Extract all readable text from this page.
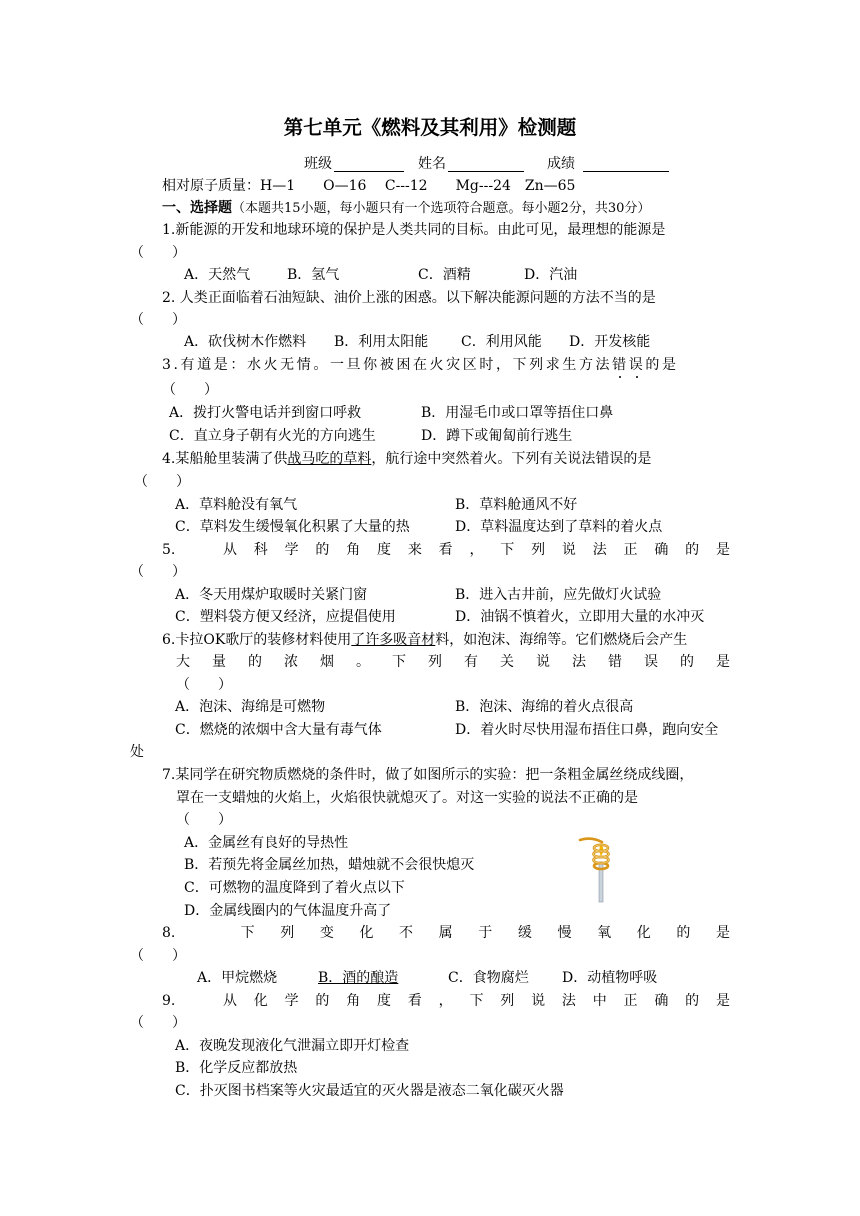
第七单元《燃料及其利用》检测题
班级	姓名	成绩
相对原子质量：H—1　　O—16　 C---12　　Mg---24　Zn—65
一、选择题（本题共15小题，每小题只有一个选项符合题意。每小题2分，共30分）
1.新能源的开发和地球环境的保护是人类共同的目标。由此可见，最理想的能源是
（　　）
A．天然气	B．氢气	C．酒精	D．汽油
2. 人类正面临着石油短缺、油价上涨的困惑。以下解决能源问题的方法不当的是
（　　）
A．砍伐树木作燃料 B．利用太阳能 C．利用风能 D．开发核能
3.有道是：水火无情。一旦你被困在火灾区时，下列求生方法错误的是
（　　）
A．拨打火警电话并到窗口呼救	B．用湿毛巾或口罩等捂住口鼻
C．直立身子朝有火光的方向逃生	D．蹲下或匍匐前行逃生
4.某船舱里装满了供战马吃的草料，航行途中突然着火。下列有关说法错误的是
（　　）
A．草料舱没有氧气	B．草料舱通风不好
C．草料发生缓慢氧化积累了大量的热	D．草料温度达到了草料的着火点
5.　从科学的角度来看，下列说法正确的是
（　　）
A．冬天用煤炉取暖时关紧门窗	B．进入古井前，应先做灯火试验
C．塑料袋方便又经济，应提倡使用	D．油锅不慎着火，立即用大量的水冲灭
6.卡拉OK歌厅的装修材料使用了许多吸音材料，如泡沫、海绵等。它们燃烧后会产生
大量的浓烟。下列有关说法错误的是
（　　）
A．泡沫、海绵是可燃物	B．泡沫、海绵的着火点很高
C．燃烧的浓烟中含大量有毒气体	D．着火时尽快用湿布捂住口鼻，跑向安全
处
7.某同学在研究物质燃烧的条件时，做了如图所示的实验：把一条粗金属丝绕成线圈，
罩在一支蜡烛的火焰上，火焰很快就熄灭了。对这一实验的说法不正确的是
（　　）
A．金属丝有良好的导热性
B．若预先将金属丝加热，蜡烛就不会很快熄灭
C．可燃物的温度降到了着火点以下
D．金属线圈内的气体温度升高了
8.　下列变化不属于缓慢氧化的是
（　　）
A．甲烷燃烧	B．酒的酿造	C．食物腐烂 D．动植物呼吸
9.　从化学的角度看，下列说法中正确的是
（　　）
A．夜晚发现液化气泄漏立即开灯检查
B．化学反应都放热
C．扑灭图书档案等火灾最适宜的灭火器是液态二氧化碳灭火器
